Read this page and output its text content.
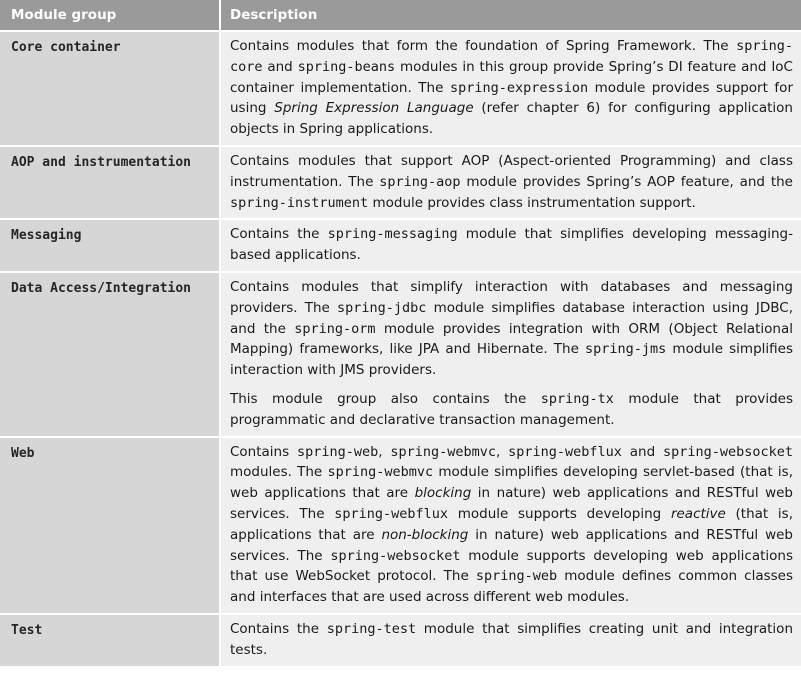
Module group	Description
Core container	Contains modules that form the foundation of Spring Framework. The spring-core and spring-beans modules in this group provide Spring’s DI feature and IoC container implementation. The spring-expression module provides support for using Spring Expression Language (refer chapter 6) for configuring application objects in Spring applications.

AOP and instrumentation	Contains modules that support AOP (Aspect-oriented Programming) and class instrumentation. The spring-aop module provides Spring’s AOP feature, and the spring-instrument module provides class instrumentation support.

Messaging	Contains the spring-messaging module that simplifies developing messaging-based applications.

Data Access/Integration	Contains modules that simplify interaction with databases and messaging providers. The spring-jdbc module simplifies database interaction using JDBC, and the spring-orm module provides integration with ORM (Object Relational Mapping) frameworks, like JPA and Hibernate. The spring-jms module simplifies interaction with JMS providers.

This module group also contains the spring-tx module that provides programmatic and declarative transaction management.

Web	Contains spring-web, spring-webmvc, spring-webflux and spring-websocket modules. The spring-webmvc module simplifies developing servlet-based (that is, web applications that are blocking in nature) web applications and RESTful web services. The spring-webflux module supports developing reactive (that is, applications that are non-blocking in nature) web applications and RESTful web services. The spring-websocket module supports developing web applications that use WebSocket protocol. The spring-web module defines common classes and interfaces that are used across different web modules.

Test	Contains the spring-test module that simplifies creating unit and integration tests.
